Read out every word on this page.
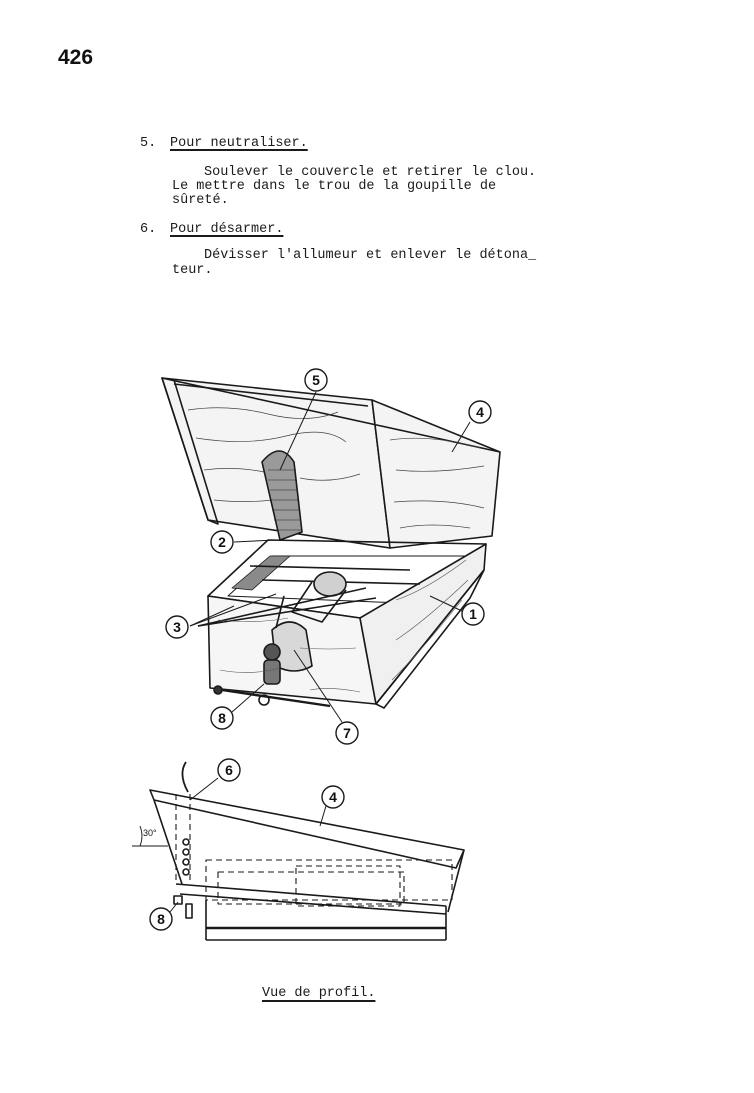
426
5. Pour neutraliser.
Soulever le couvercle et retirer le clou.
Le mettre dans le trou de la goupille de
sûreté.
6. Pour désarmer.
Dévisser l'allumeur et enlever le détona_
teur.
5
4
2
1
3
8
7
6
4
8
30°
Vue de profil.
